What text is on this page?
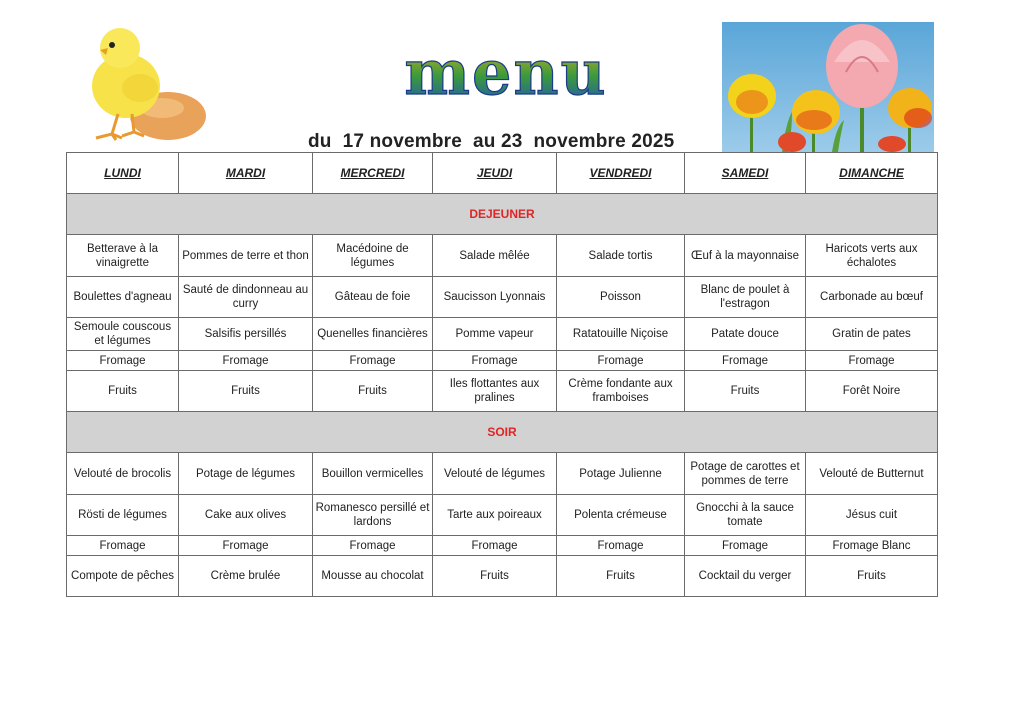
menu
du  17 novembre  au 23  novembre 2025
LUNDI	MARDI	MERCREDI	JEUDI	VENDREDI	SAMEDI	DIMANCHE
DEJEUNER						
Betterave à la vinaigrette	Pommes de terre et thon	Macédoine de légumes	Salade mêlée	Salade tortis	Œuf à la mayonnaise	Haricots verts aux échalotes
Boulettes d'agneau	Sauté de dindonneau au curry	Gâteau de foie	Saucisson Lyonnais	Poisson	Blanc de poulet à l'estragon	Carbonade au bœuf
Semoule couscous et légumes	Salsifis persillés	Quenelles financières	Pomme vapeur	Ratatouille Niçoise	Patate douce	Gratin de pates
Fromage	Fromage	Fromage	Fromage	Fromage	Fromage	Fromage
Fruits	Fruits	Fruits	Iles flottantes aux pralines	Crème fondante aux framboises	Fruits	Forêt Noire
SOIR						
Velouté de brocolis	Potage de légumes	Bouillon vermicelles	Velouté de légumes	Potage Julienne	Potage de carottes et pommes de terre	Velouté de Butternut
Rösti de légumes	Cake aux olives	Romanesco persillé et lardons	Tarte aux poireaux	Polenta crémeuse	Gnocchi à la sauce tomate	Jésus cuit
Fromage	Fromage	Fromage	Fromage	Fromage	Fromage	Fromage Blanc
Compote de pêches	Crème brulée	Mousse au chocolat	Fruits	Fruits	Cocktail du verger	Fruits
